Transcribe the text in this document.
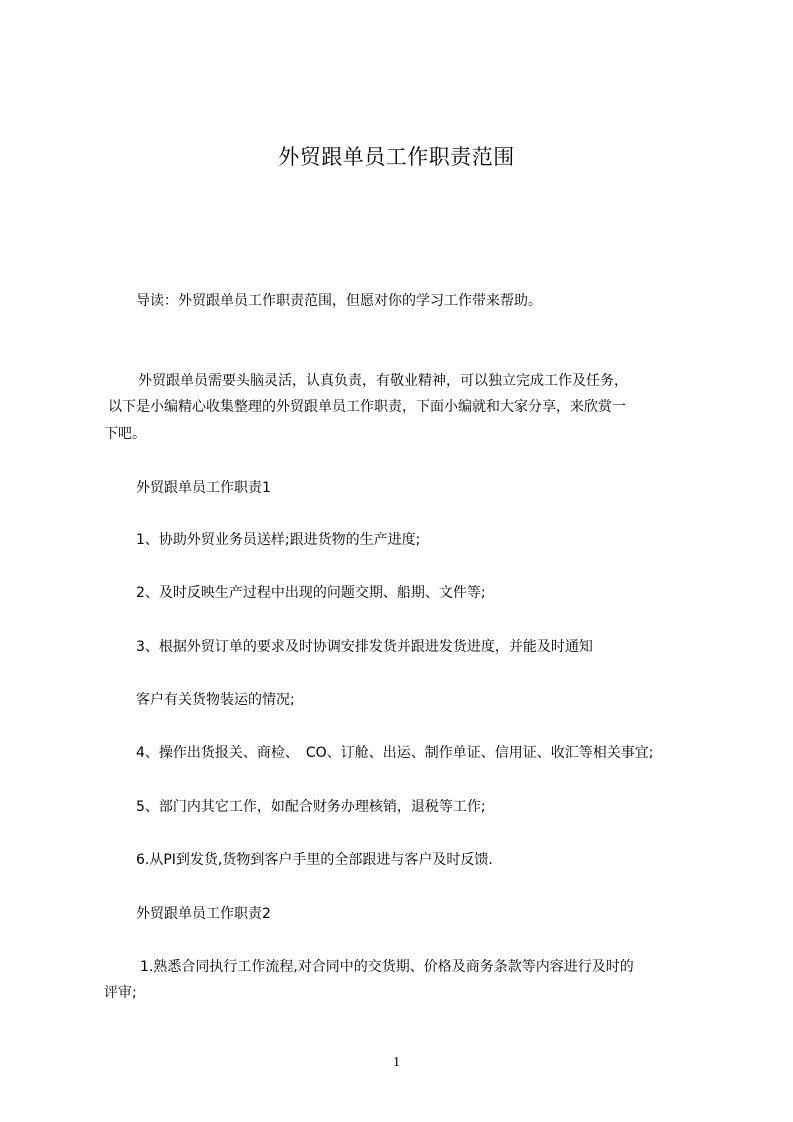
外贸跟单员工作职责范围
导读：外贸跟单员工作职责范围，但愿对你的学习工作带来帮助。
外贸跟单员需要头脑灵活，认真负责，有敬业精神，可以独立完成工作及任务，
以下是小编精心收集整理的外贸跟单员工作职责，下面小编就和大家分享，来欣赏一
下吧。
外贸跟单员工作职责1
1、协助外贸业务员送样;跟进货物的生产进度;
2、及时反映生产过程中出现的问题交期、船期、文件等;
3、根据外贸订单的要求及时协调安排发货并跟进发货进度，并能及时通知
客户有关货物装运的情况;
4、操作出货报关、商检、　CO、订舱、出运、制作单证、信用证、收汇等相关事宜;
5、部门内其它工作，如配合财务办理核销，退税等工作;
6.从PI到发货,货物到客户手里的全部跟进与客户及时反馈.
外贸跟单员工作职责2
1.熟悉合同执行工作流程,对合同中的交货期、价格及商务条款等内容进行及时的
评审;
1
